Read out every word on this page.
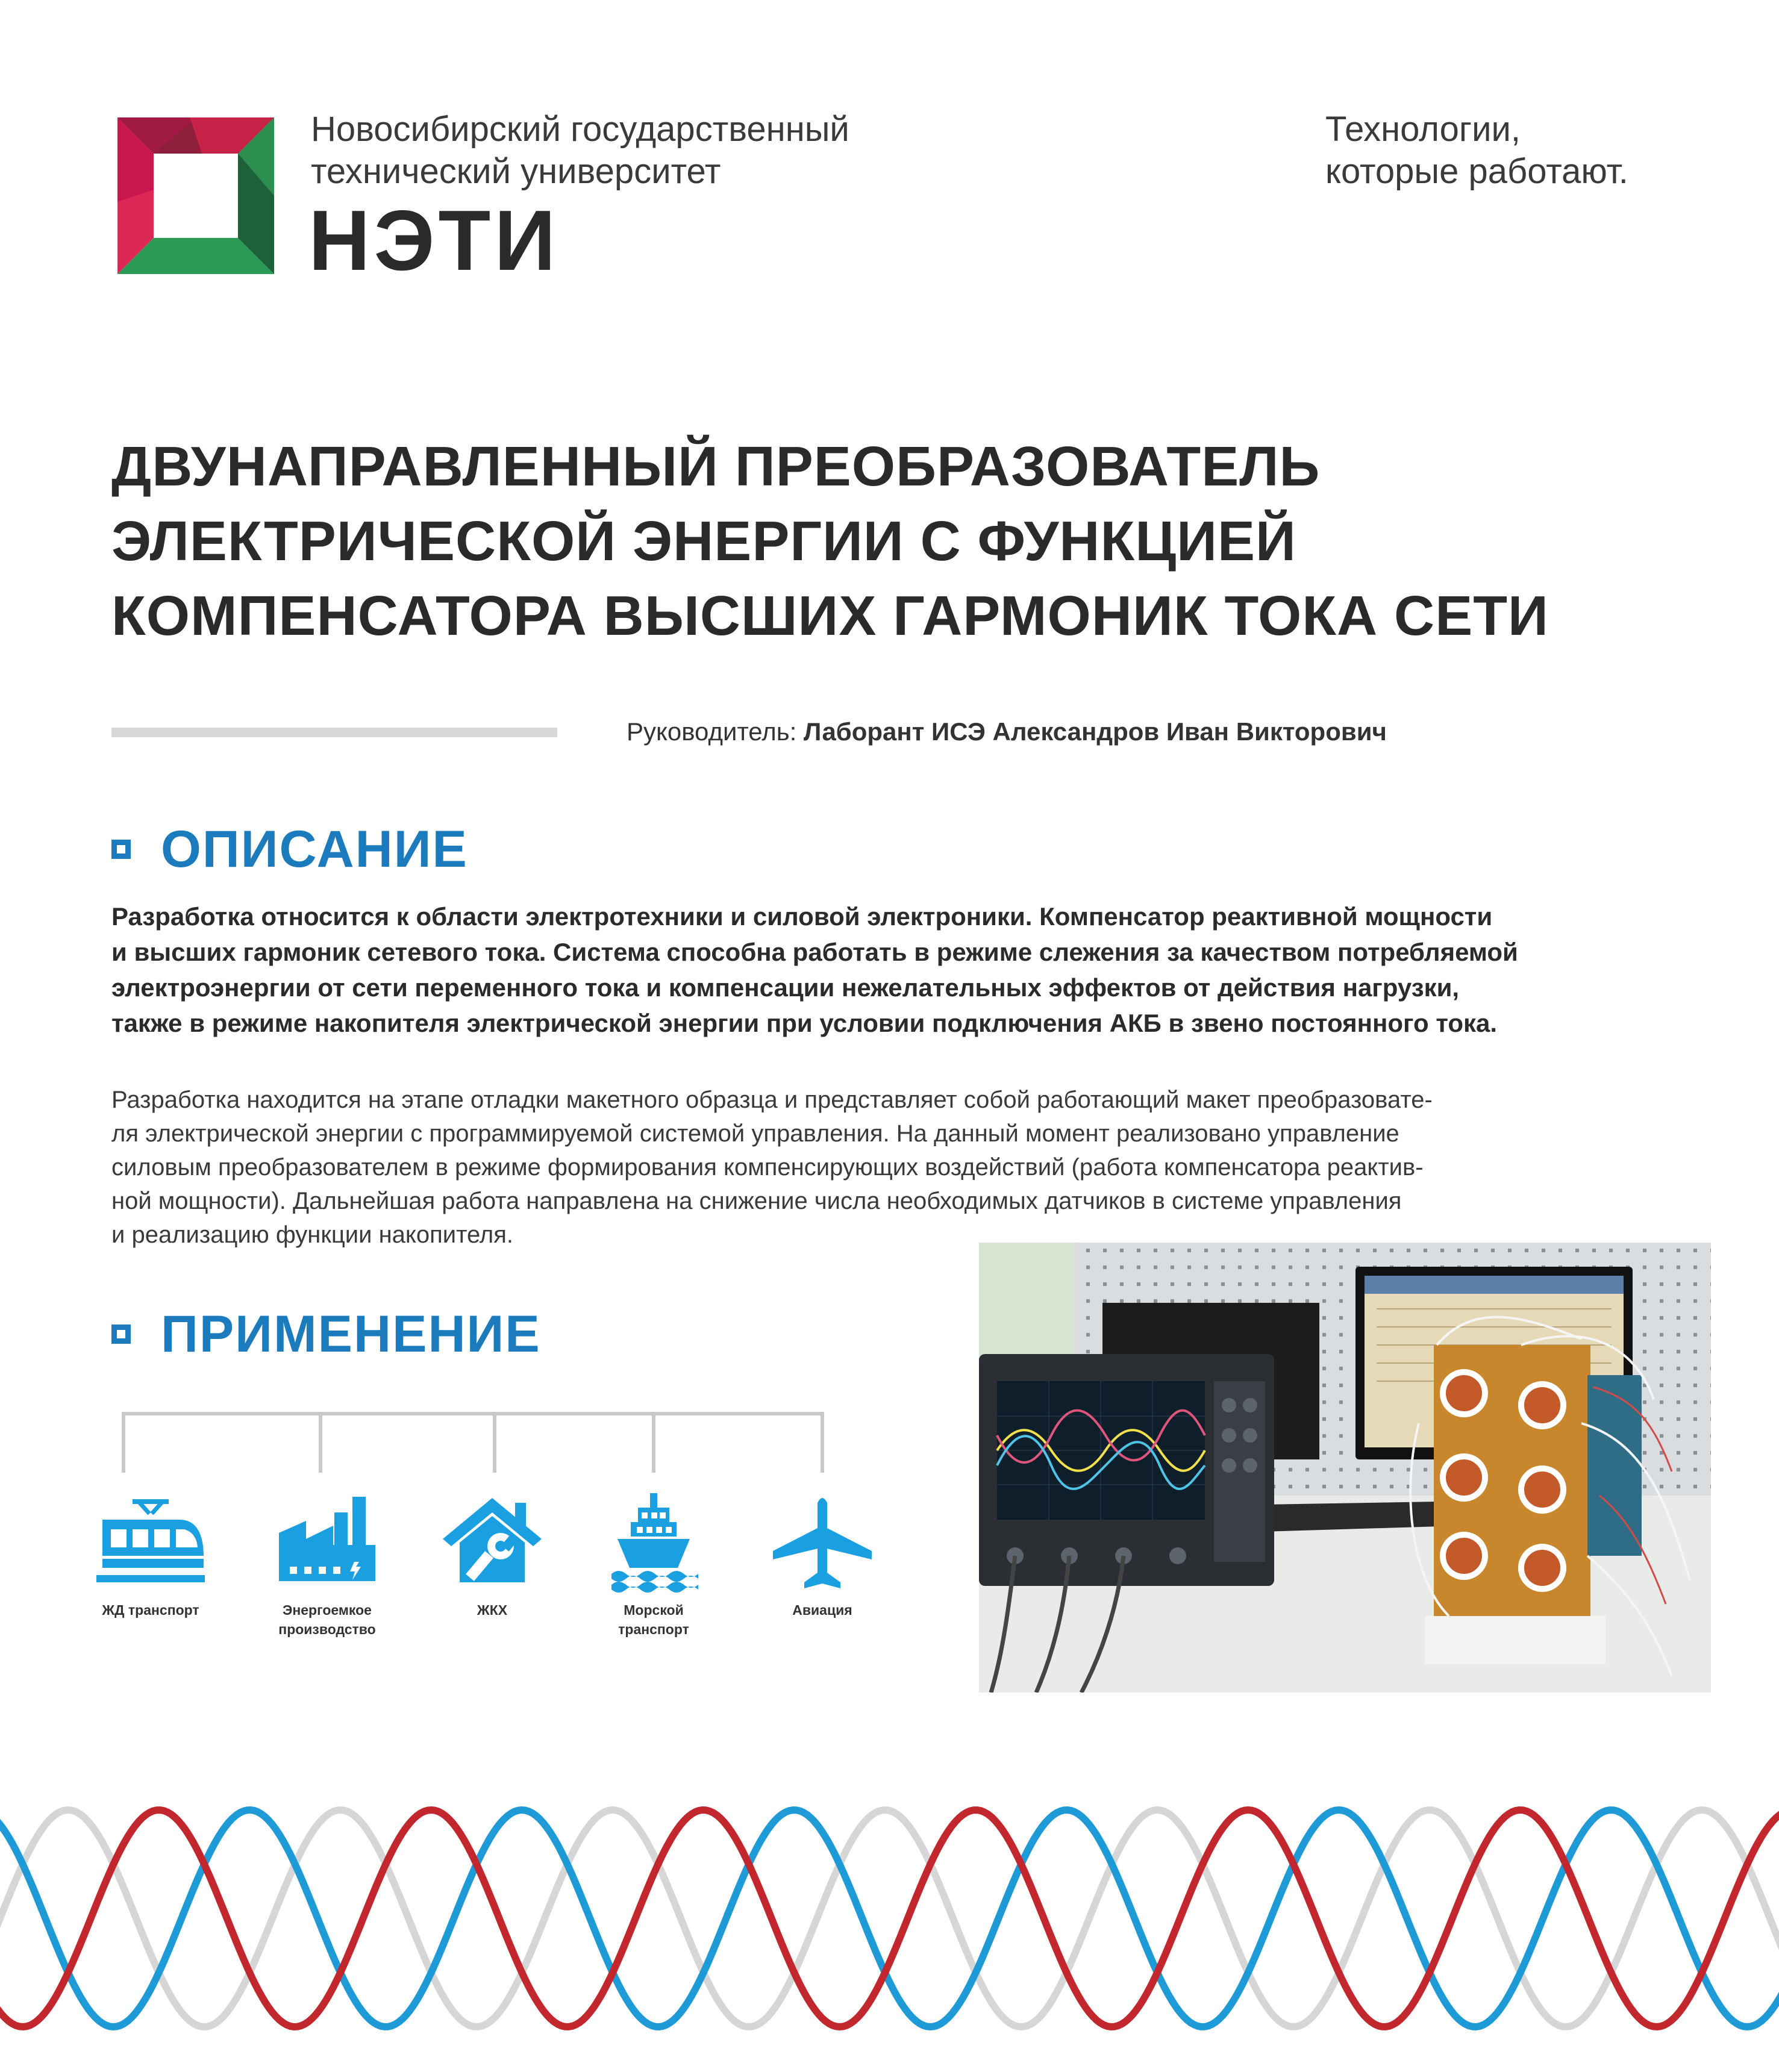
Новосибирский государственный
технический университет
НЭТИ
Технологии,
которые работают.
ДВУНАПРАВЛЕННЫЙ ПРЕОБРАЗОВАТЕЛЬ
ЭЛЕКТРИЧЕСКОЙ ЭНЕРГИИ С ФУНКЦИЕЙ
КОМПЕНСАТОРА ВЫСШИХ ГАРМОНИК ТОКА СЕТИ
Руководитель: Лаборант ИСЭ Александров Иван Викторович
ОПИСАНИЕ
Разработка относится к области электротехники и силовой электроники. Компенсатор реактивной мощности
и высших гармоник сетевого тока. Система способна работать в режиме слежения за качеством потребляемой
электроэнергии от сети переменного тока и компенсации нежелательных эффектов от действия нагрузки,
также в режиме накопителя электрической энергии при условии подключения АКБ в звено постоянного тока.
Разработка находится на этапе отладки макетного образца и представляет собой работающий макет преобразовате-
ля электрической энергии с программируемой системой управления. На данный момент реализовано управление
силовым преобразователем в режиме формирования компенсирующих воздействий (работа компенсатора реактив-
ной мощности). Дальнейшая работа направлена на снижение числа необходимых датчиков в системе управления
и реализацию функции накопителя.
ПРИМЕНЕНИЕ
ЖД транспорт	Энергоемкое
производство
ЖКХ	Морской
транспорт
Авиация
